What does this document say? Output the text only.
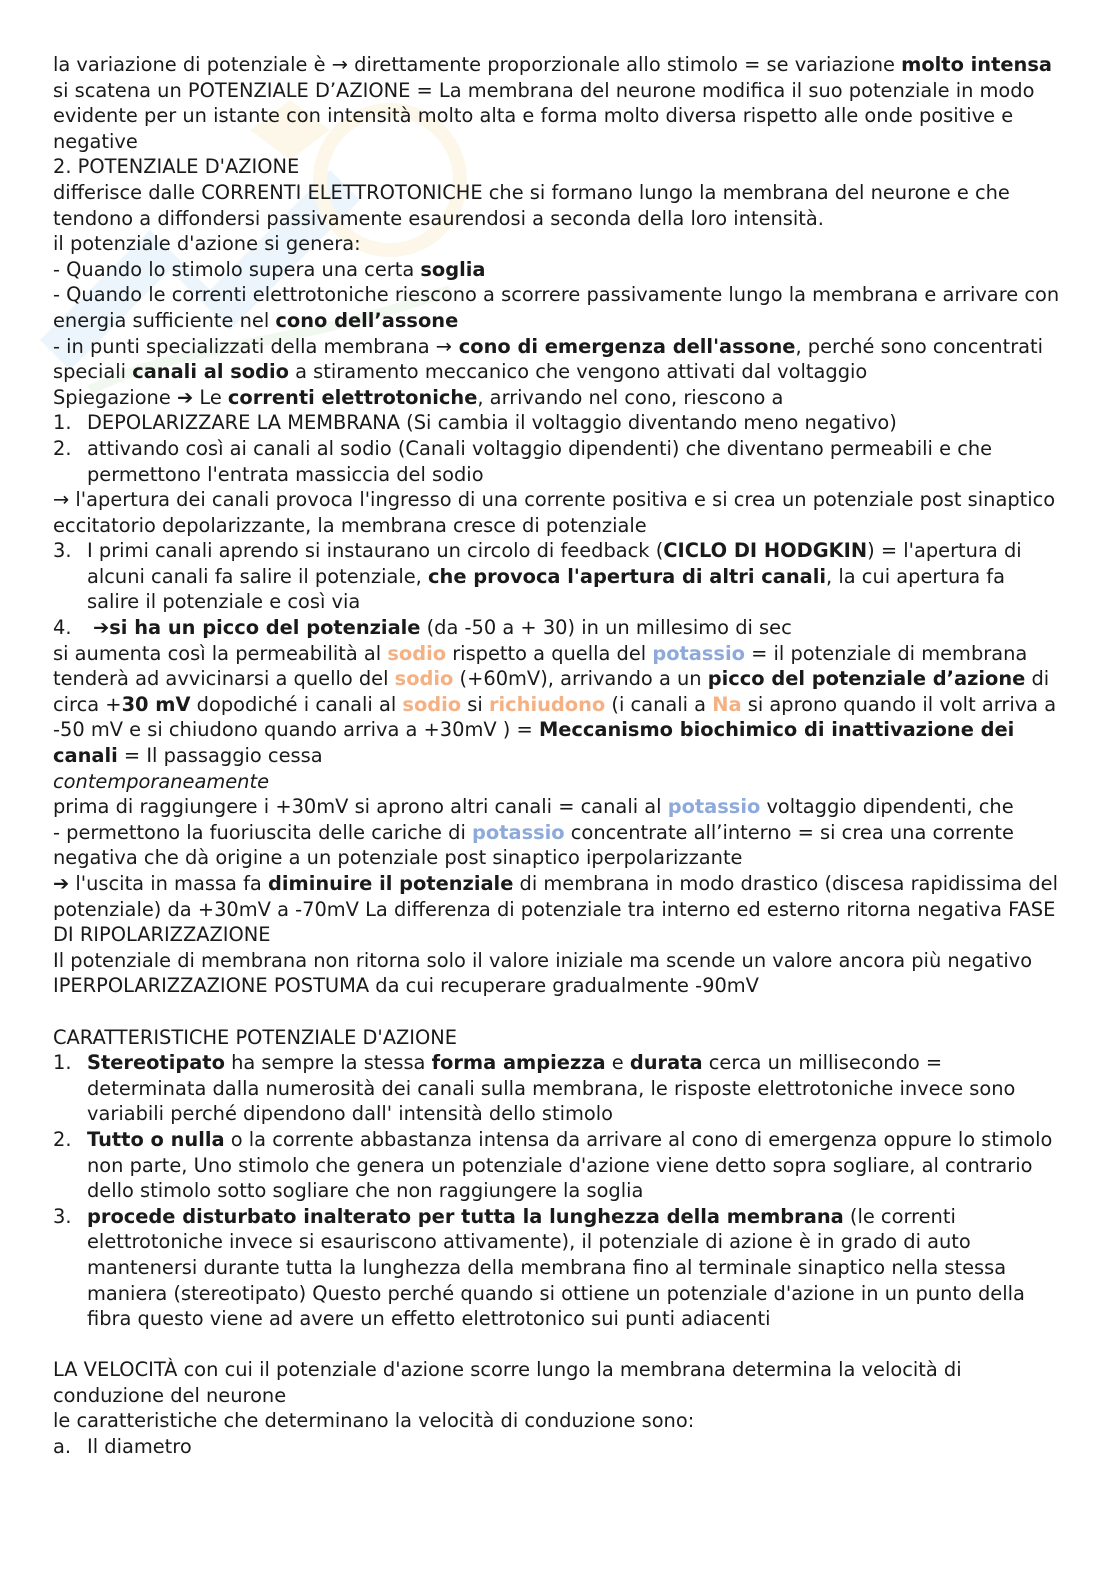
la variazione di potenziale è → direttamente proporzionale allo stimolo = se variazione molto intensa si scatena un POTENZIALE D’AZIONE = La membrana del neurone modifica il suo potenziale in modo evidente per un istante con intensità molto alta e forma molto diversa rispetto alle onde positive e negative

2. POTENZIALE D'AZIONE

differisce dalle CORRENTI ELETTROTONICHE che si formano lungo la membrana del neurone e che tendono a diffondersi passivamente esaurendosi a seconda della loro intensità.

il potenziale d'azione si genera:

- Quando lo stimolo supera una certa soglia

- Quando le correnti elettrotoniche riescono a scorrere passivamente lungo la membrana e arrivare con energia sufficiente nel cono dell’assone

- in punti specializzati della membrana → cono di emergenza dell'assone, perché sono concentrati speciali canali al sodio a stiramento meccanico che vengono attivati dal voltaggio

Spiegazione ➔ Le correnti elettrotoniche, arrivando nel cono, riescono a

1. DEPOLARIZZARE LA MEMBRANA (Si cambia il voltaggio diventando meno negativo)

2. attivando così ai canali al sodio (Canali voltaggio dipendenti) che diventano permeabili e che permettono l'entrata massiccia del sodio

→ l'apertura dei canali provoca l'ingresso di una corrente positiva e si crea un potenziale post sinaptico eccitatorio depolarizzante, la membrana cresce di potenziale

3. I primi canali aprendo si instaurano un circolo di feedback (CICLO DI HODGKIN) = l'apertura di alcuni canali fa salire il potenziale, che provoca l'apertura di altri canali, la cui apertura fa salire il potenziale e così via

4. ➔si ha un picco del potenziale (da -50 a + 30) in un millesimo di sec

si aumenta così la permeabilità al sodio rispetto a quella del potassio = il potenziale di membrana tenderà ad avvicinarsi a quello del sodio (+60mV), arrivando a un picco del potenziale d’azione di circa +30 mV dopodiché i canali al sodio si richiudono (i canali a Na si aprono quando il volt arriva a -50 mV e si chiudono quando arriva a +30mV ) = Meccanismo biochimico di inattivazione dei canali = Il passaggio cessa

contemporaneamente

prima di raggiungere i +30mV si aprono altri canali = canali al potassio voltaggio dipendenti, che

- permettono la fuoriuscita delle cariche di potassio concentrate all’interno = si crea una corrente negativa che dà origine a un potenziale post sinaptico iperpolarizzante

➔ l'uscita in massa fa diminuire il potenziale di membrana in modo drastico (discesa rapidissima del potenziale) da +30mV a -70mV La differenza di potenziale tra interno ed esterno ritorna negativa FASE DI RIPOLARIZZAZIONE

Il potenziale di membrana non ritorna solo il valore iniziale ma scende un valore ancora più negativo IPERPOLARIZZAZIONE POSTUMA da cui recuperare gradualmente -90mV

CARATTERISTICHE POTENZIALE D'AZIONE

1. Stereotipato ha sempre la stessa forma ampiezza e durata cerca un millisecondo = determinata dalla numerosità dei canali sulla membrana, le risposte elettrotoniche invece sono variabili perché dipendono dall' intensità dello stimolo

2. Tutto o nulla o la corrente abbastanza intensa da arrivare al cono di emergenza oppure lo stimolo non parte, Uno stimolo che genera un potenziale d'azione viene detto sopra sogliare, al contrario dello stimolo sotto sogliare che non raggiungere la soglia

3. procede disturbato inalterato per tutta la lunghezza della membrana (le correnti elettrotoniche invece si esauriscono attivamente), il potenziale di azione è in grado di auto mantenersi durante tutta la lunghezza della membrana fino al terminale sinaptico nella stessa maniera (stereotipato) Questo perché quando si ottiene un potenziale d'azione in un punto della fibra questo viene ad avere un effetto elettrotonico sui punti adiacenti

LA VELOCITÀ con cui il potenziale d'azione scorre lungo la membrana determina la velocità di conduzione del neurone

le caratteristiche che determinano la velocità di conduzione sono:

a. Il diametro
